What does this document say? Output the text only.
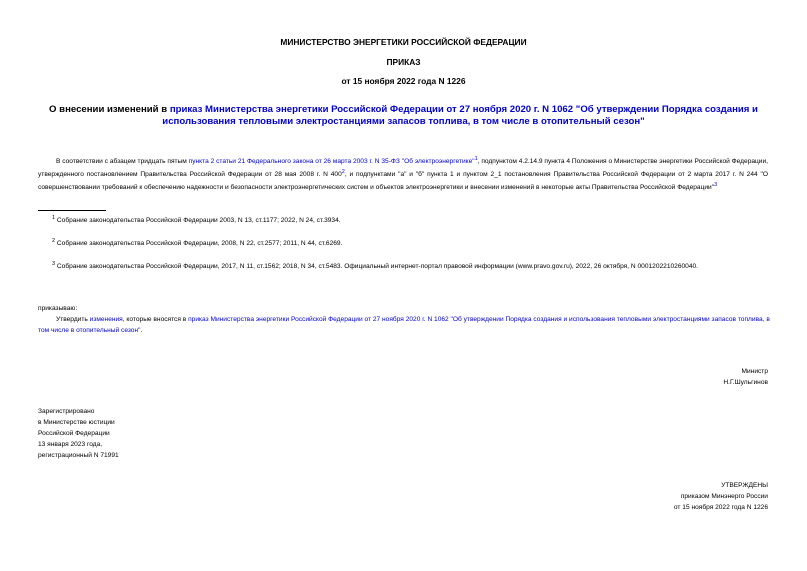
МИНИСТЕРСТВО ЭНЕРГЕТИКИ РОССИЙСКОЙ ФЕДЕРАЦИИ
ПРИКАЗ
от 15 ноября 2022 года N 1226
О внесении изменений в приказ Министерства энергетики Российской Федерации от 27 ноября 2020 г. N 1062 "Об утверждении Порядка создания и использования тепловыми электростанциями запасов топлива, в том числе в отопительный сезон"
В соответствии с абзацем тридцать пятым пункта 2 статьи 21 Федерального закона от 26 марта 2003 г. N 35-ФЗ "Об электроэнергетике"$^1$, подпунктом 4.2.14.9 пункта 4 Положения о Министерстве энергетики Российской Федерации, утвержденного постановлением Правительства Российской Федерации от 28 мая 2008 г. N $400^2$, и подпунктами "а" и "б" пункта 1 и пунктом 2_1 постановления Правительства Российской Федерации от 2 марта 2017 г. N 244 "О совершенствовании требований к обеспечению надежности и безопасности электроэнергетических систем и объектов электроэнергетики и внесении изменений в некоторые акты Правительства Российской Федерации"$^3$
$^1$ Собрание законодательства Российской Федерации 2003, N 13, ст.1177; 2022, N 24, ст.3934.
$^2$ Собрание законодательства Российской Федерации, 2008, N 22, ст.2577; 2011, N 44, ст.6269.
$^3$ Собрание законодательства Российской Федерации, 2017, N 11, ст.1562; 2018, N 34, ст.5483. Официальный интернет-портал правовой информации (www.pravo.gov.ru), 2022, 26 октября, N 0001202210260040.
приказываю:
Утвердить изменения, которые вносятся в приказ Министерства энергетики Российской Федерации от 27 ноября 2020 г. N 1062 "Об утверждении Порядка создания и использования тепловыми электростанциями запасов топлива, в том числе в отопительный сезон".
Министр
Н.Г.Шульгинов
Зарегистрировано
в Министерстве юстиции
Российской Федерации
13 января 2023 года,
регистрационный N 71991
УТВЕРЖДЕНЫ
приказом Минэнерго России
от 15 ноября 2022 года N 1226
